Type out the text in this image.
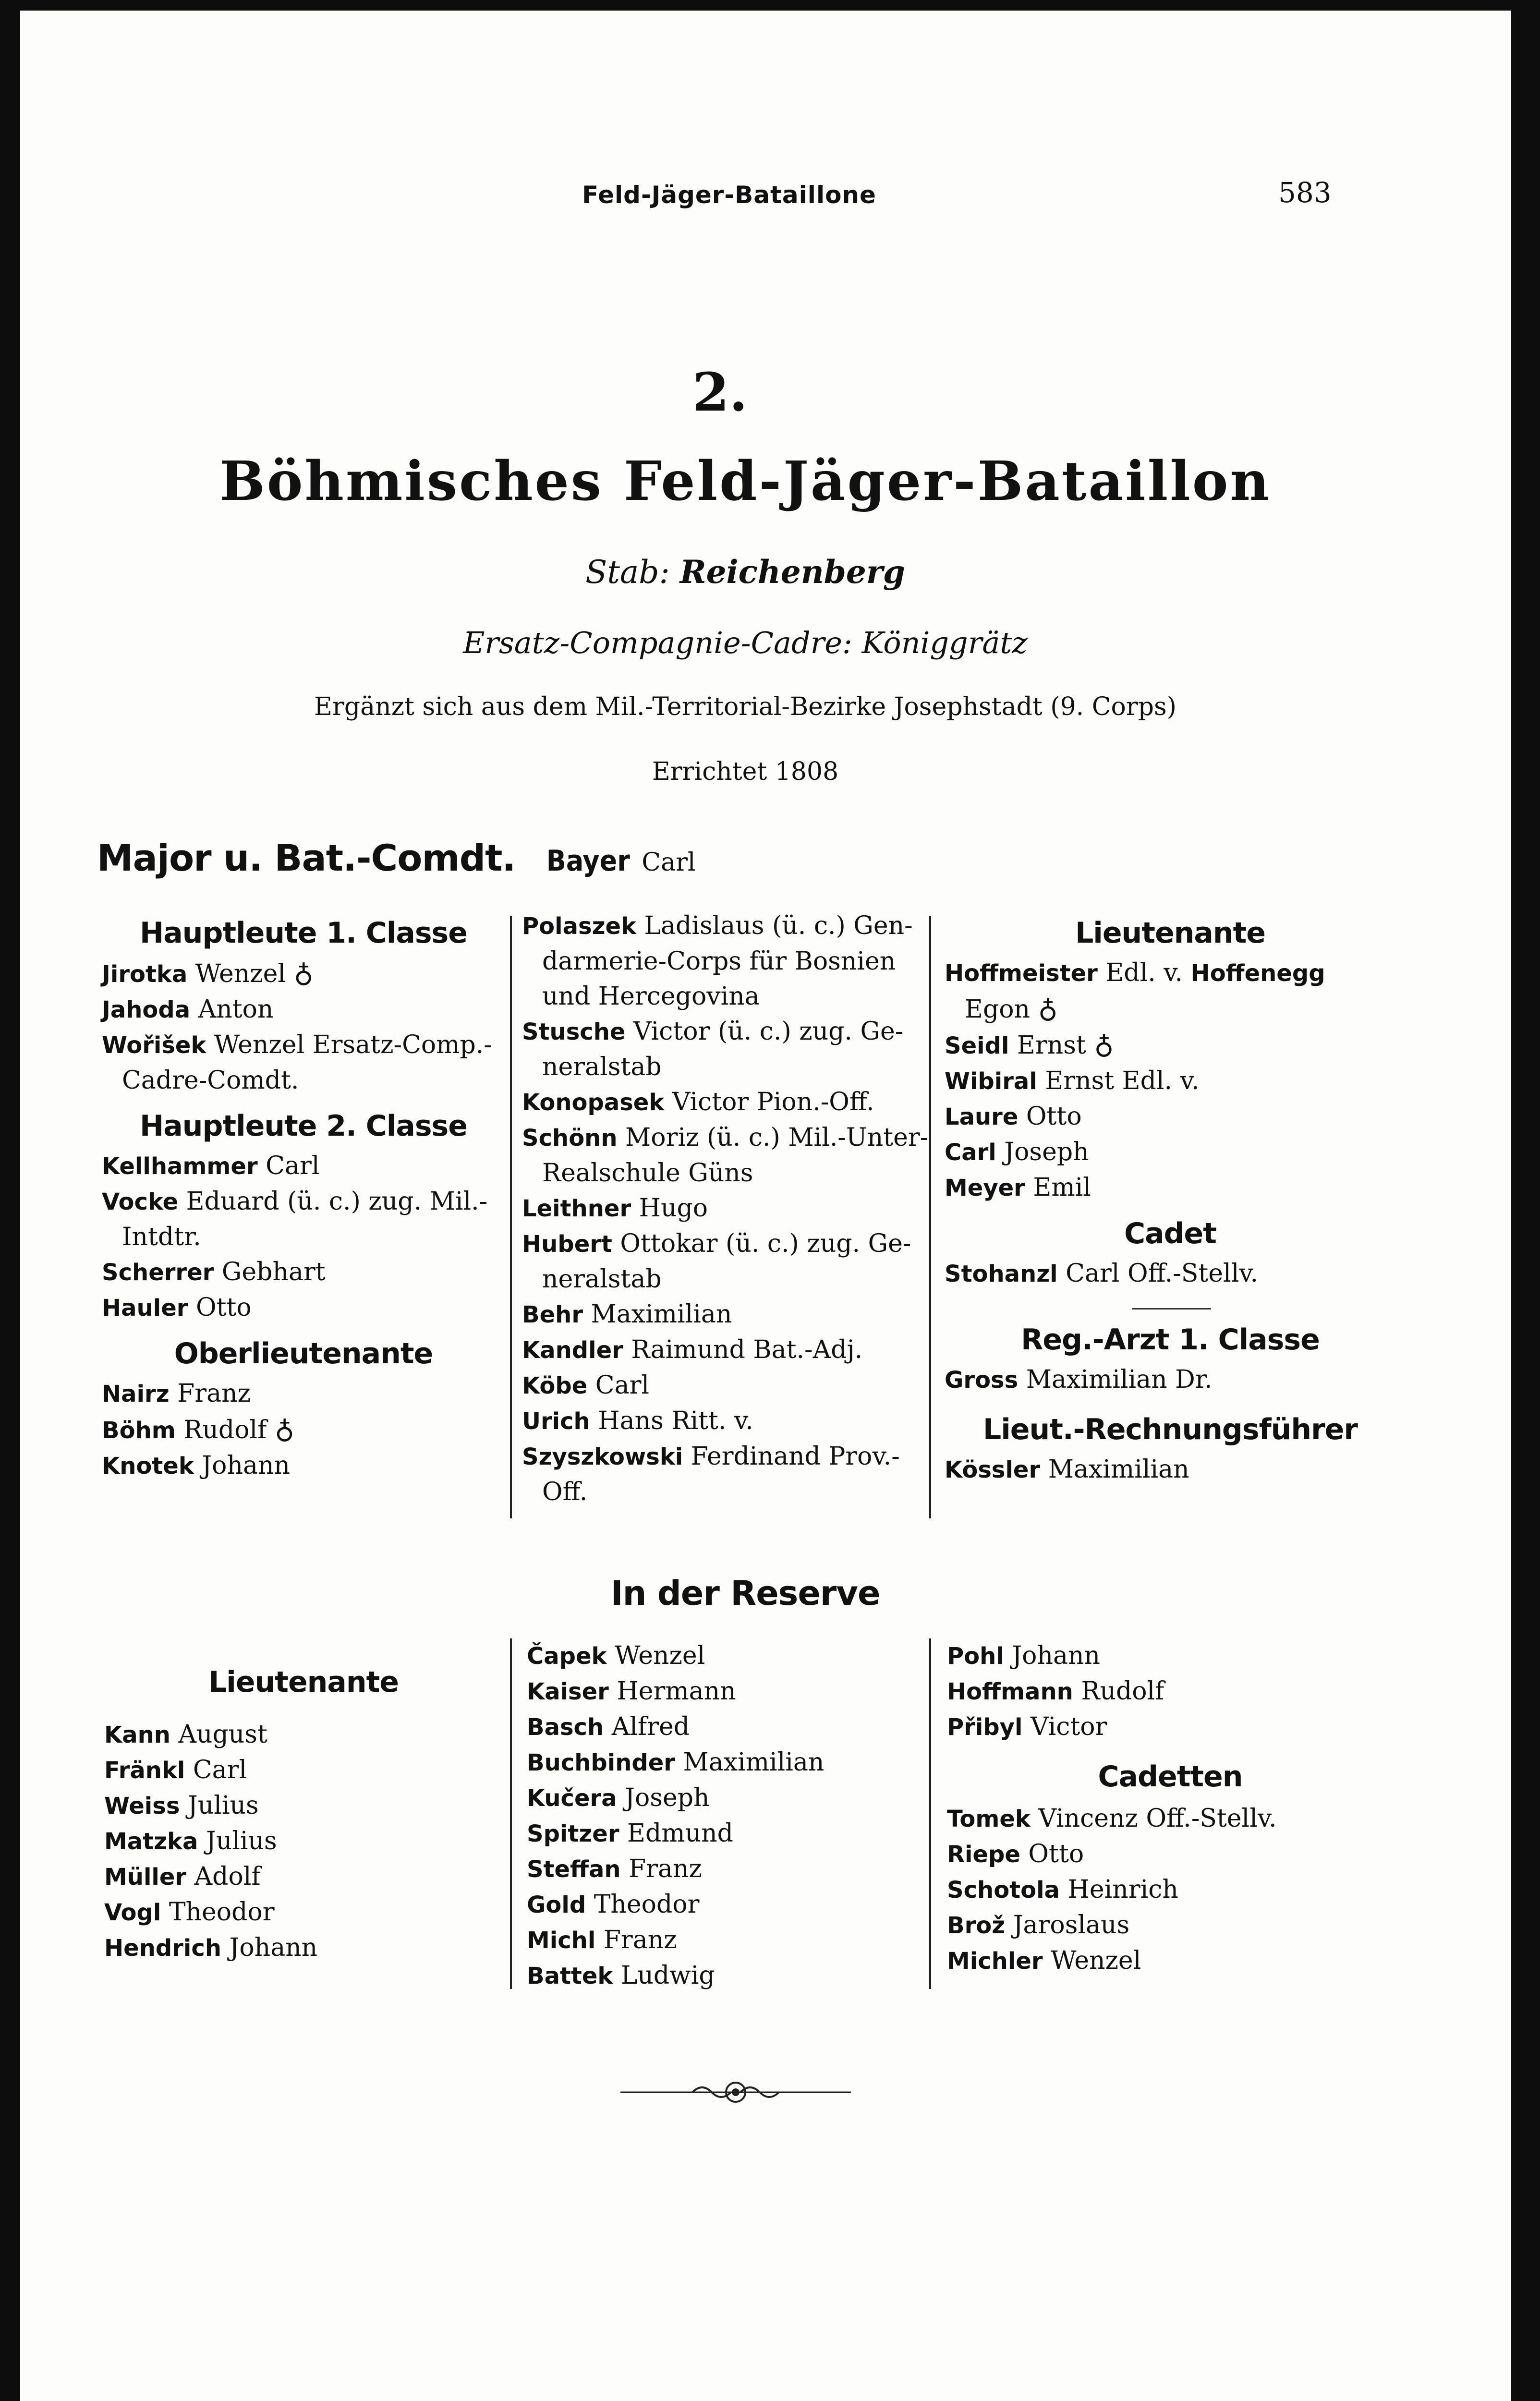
Feld-Jäger-Bataillone	583
2.
Böhmisches Feld-Jäger-Bataillon
Stab: Reichenberg
Ersatz-Compagnie-Cadre: Königgrätz
Ergänzt sich aus dem Mil.-Territorial-Bezirke Josephstadt (9. Corps)
Errichtet 1808
Major u. Bat.-Comdt. Bayer Carl
Hauptleute 1. Classe
Jirotka Wenzel ♁
Jahoda Anton
Wořišek Wenzel Ersatz-Comp.-
Cadre-Comdt.
Hauptleute 2. Classe
Kellhammer Carl
Vocke Eduard (ü. c.) zug. Mil.-
Intdtr.
Scherrer Gebhart
Hauler Otto
Oberlieutenante
Nairz Franz
Böhm Rudolf ♁
Knotek Johann
Polaszek Ladislaus (ü. c.) Gen-
darmerie-Corps für Bosnien
und Hercegovina
Stusche Victor (ü. c.) zug. Ge-
neralstab
Konopasek Victor Pion.-Off.
Schönn Moriz (ü. c.) Mil.-Unter-
Realschule Güns
Leithner Hugo
Hubert Ottokar (ü. c.) zug. Ge-
neralstab
Behr Maximilian
Kandler Raimund Bat.-Adj.
Köbe Carl
Urich Hans Ritt. v.
Szyszkowski Ferdinand Prov.-
Off.
Lieutenante
Hoffmeister Edl. v. Hoffenegg
Egon ♁
Seidl Ernst ♁
Wibiral Ernst Edl. v.
Laure Otto
Carl Joseph
Meyer Emil
Cadet
Stohanzl Carl Off.-Stellv.
Reg.-Arzt 1. Classe
Gross Maximilian Dr.
Lieut.-Rechnungsführer
Kössler Maximilian
In der Reserve
Lieutenante
Kann August
Fränkl Carl
Weiss Julius
Matzka Julius
Müller Adolf
Vogl Theodor
Hendrich Johann
Čapek Wenzel
Kaiser Hermann
Basch Alfred
Buchbinder Maximilian
Kučera Joseph
Spitzer Edmund
Steffan Franz
Gold Theodor
Michl Franz
Battek Ludwig
Pohl Johann
Hoffmann Rudolf
Přibyl Victor
Cadetten
Tomek Vincenz Off.-Stellv.
Riepe Otto
Schotola Heinrich
Brož Jaroslaus
Michler Wenzel
